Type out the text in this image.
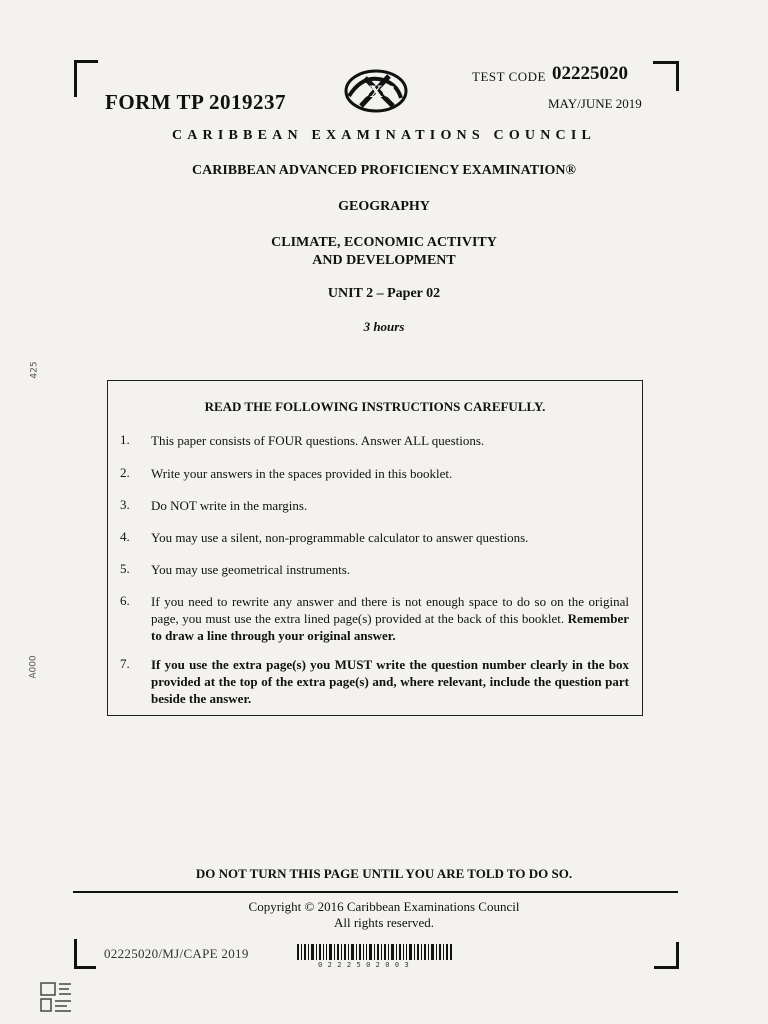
FORM TP 2019237	CXC
TEST CODE 02225020
MAY/JUNE 2019
CARIBBEAN EXAMINATIONS COUNCIL
CARIBBEAN ADVANCED PROFICIENCY EXAMINATION®
GEOGRAPHY
CLIMATE, ECONOMIC ACTIVITY
AND DEVELOPMENT
UNIT 2 – Paper 02
3 hours
425
A000
READ THE FOLLOWING INSTRUCTIONS CAREFULLY.
1.	This paper consists of FOUR questions. Answer ALL questions.
2.	Write your answers in the spaces provided in this booklet.
3.	Do NOT write in the margins.
4.	You may use a silent, non-programmable calculator to answer questions.
5.	You may use geometrical instruments.
6.	If you need to rewrite any answer and there is not enough space to do so on the original page, you must use the extra lined page(s) provided at the back of this booklet. Remember to draw a line through your original answer.
7.	If you use the extra page(s) you MUST write the question number clearly in the box provided at the top of the extra page(s) and, where relevant, include the question part beside the answer.
DO NOT TURN THIS PAGE UNTIL YOU ARE TOLD TO DO SO.
Copyright © 2016 Caribbean Examinations Council
All rights reserved.
02225020/MJ/CAPE 2019
0222502003
